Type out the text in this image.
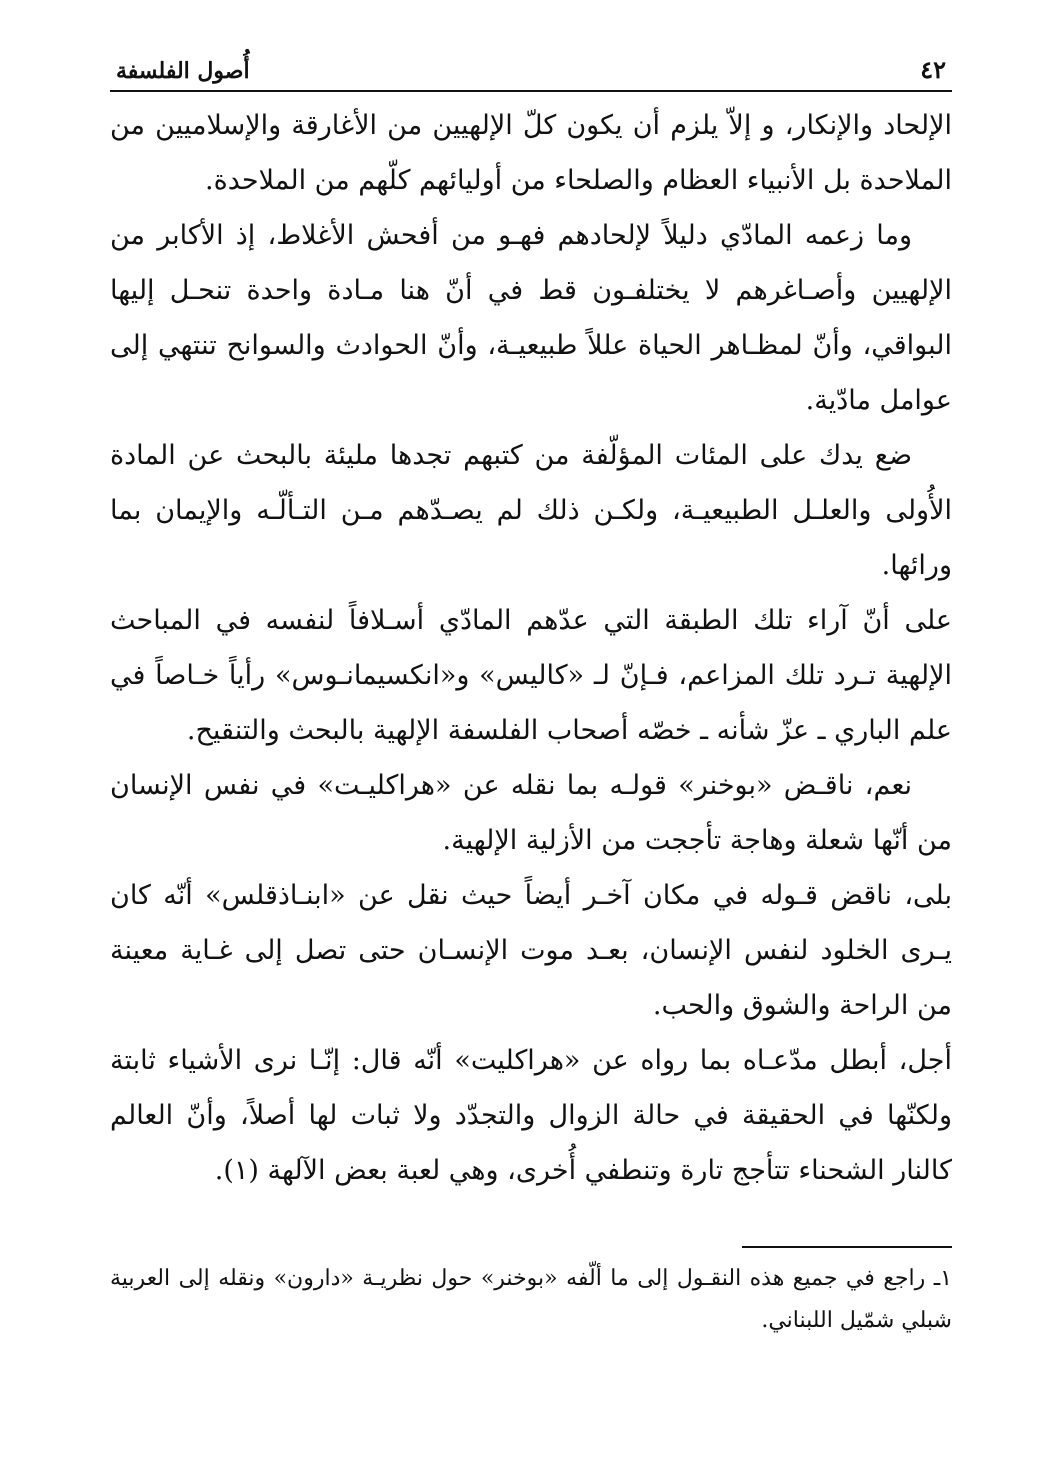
٤٢
أُصول الفلسفة

الإلحاد والإنكار، و إلاّ يلزم أن يكون كلّ الإلهيين من الأغارقة والإسلاميين من الملاحدة بل الأنبياء العظام والصلحاء من أوليائهم كلّهم من الملاحدة.

وما زعمه المادّي دليلاً لإلحادهم فهـو من أفحش الأغلاط، إذ الأكابر من الإلهيين وأصـاغرهم لا يختلفـون قط في أنّ هنا مـادة واحدة تنحـل إليها البواقي، وأنّ لمظـاهر الحياة عللاً طبيعيـة، وأنّ الحوادث والسوانح تنتهي إلى عوامل مادّية.

ضع يدك على المئات المؤلّفة من كتبهم تجدها مليئة بالبحث عن المادة الأُولى والعلـل الطبيعيـة، ولكـن ذلك لم يصـدّهم مـن التـألّـه والإيمان بما ورائها.

على أنّ آراء تلك الطبقة التي عدّهم المادّي أسـلافاً لنفسه في المباحث الإلهية تـرد تلك المزاعم، فـإنّ لـ «كاليس» و«انكسيمانـوس» رأياً خـاصاً في علم الباري ـ عزّ شأنه ـ خصّه أصحاب الفلسفة الإلهية بالبحث والتنقيح.

نعم، ناقـض «بوخنر» قولـه بما نقله عن «هراكليـت» في نفس الإنسان من أنّها شعلة وهاجة تأججت من الأزلية الإلهية.

بلى، ناقض قـوله في مكان آخـر أيضاً حيث نقل عن «ابنـاذقلس» أنّه كان يـرى الخلود لنفس الإنسان، بعـد موت الإنسـان حتى تصل إلى غـاية معينة من الراحة والشوق والحب.

أجل، أبطل مدّعـاه بما رواه عن «هراكليت» أنّه قال: إنّـا نرى الأشياء ثابتة ولكنّها في الحقيقة في حالة الزوال والتجدّد ولا ثبات لها أصلاً، وأنّ العالم كالنار الشحناء تتأجج تارة وتنطفي أُخرى، وهي لعبة بعض الآلهة (١).

١ـ راجع في جميع هذه النقـول إلى ما ألّفه «بوخنر» حول نظريـة «دارون» ونقله إلى العربية شبلي شمّيل اللبناني.
